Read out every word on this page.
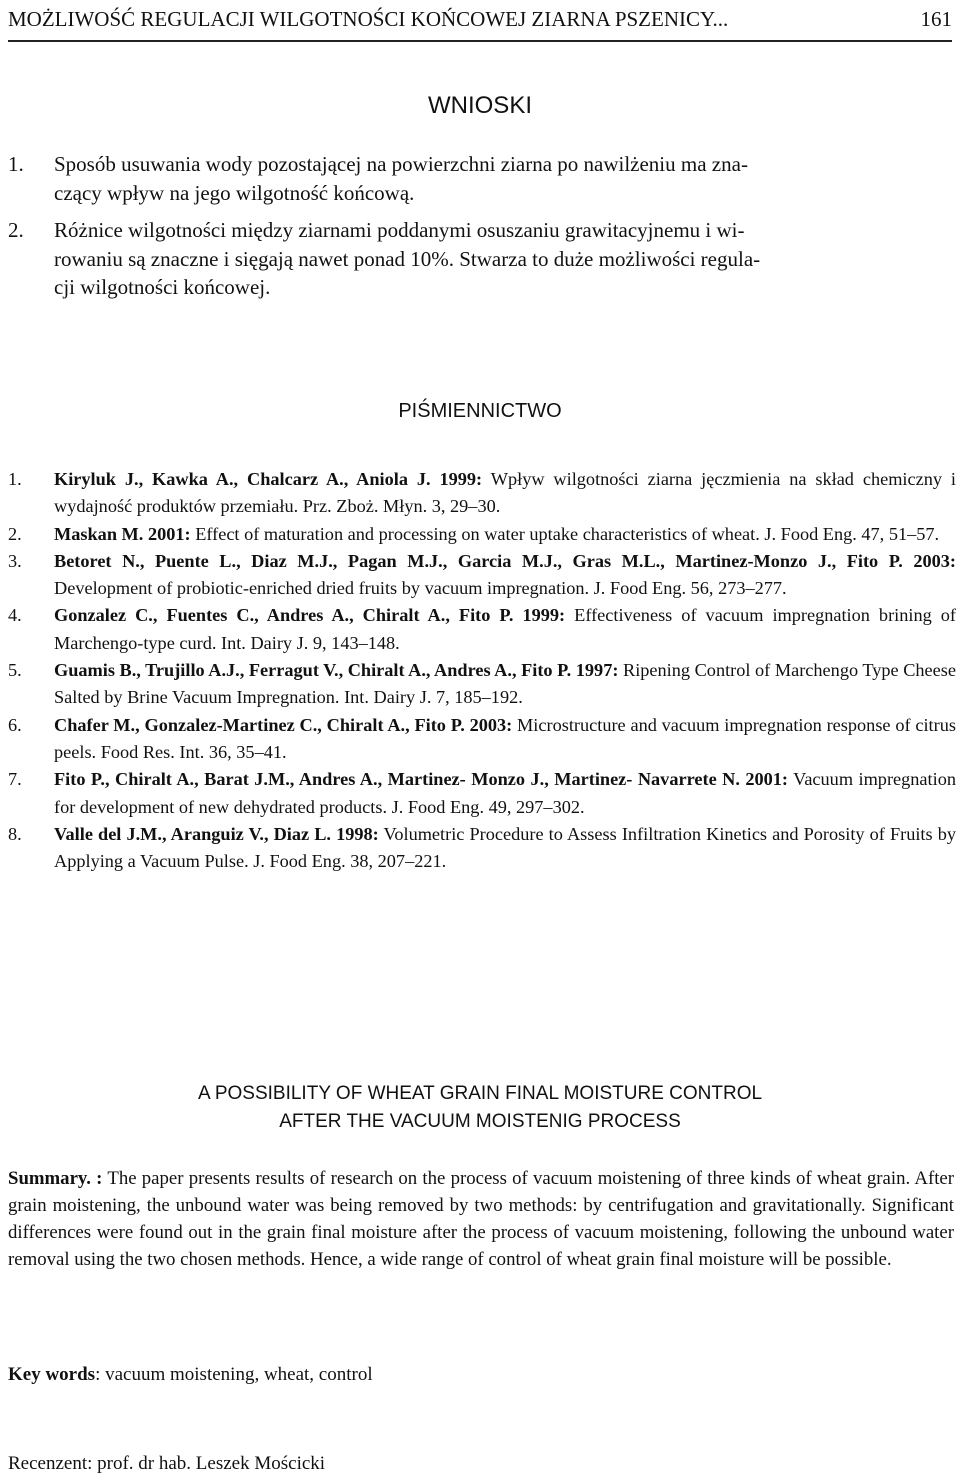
MOŻLIWOŚĆ REGULACJI WILGOTNOŚCI KOŃCOWEJ ZIARNA PSZENICY...	161
WNIOSKI
1. Sposób usuwania wody pozostającej na powierzchni ziarna po nawilżeniu ma zna-
czący wpływ na jego wilgotność końcową.
2. Różnice wilgotności między ziarnami poddanymi osuszaniu grawitacyjnemu i wi-
rowaniu są znaczne i sięgają nawet ponad 10%. Stwarza to duże możliwości regula-
cji wilgotności końcowej.
PIŚMIENNICTWO
1. Kiryluk J., Kawka A., Chalcarz A., Aniola J. 1999: Wpływ wilgotności ziarna jęczmienia na skład chemiczny i wydajność produktów przemiału. Prz. Zboż. Młyn. 3, 29–30.
2. Maskan M. 2001: Effect of maturation and processing on water uptake characteristics of wheat. J. Food Eng. 47, 51–57.
3. Betoret N., Puente L., Diaz M.J., Pagan M.J., Garcia M.J., Gras M.L., Martinez-Monzo J., Fito P. 2003: Development of probiotic-enriched dried fruits by vacuum impregnation. J. Food Eng. 56, 273–277.
4. Gonzalez C., Fuentes C., Andres A., Chiralt A., Fito P. 1999: Effectiveness of vacuum impregnation brining of Marchengo-type curd. Int. Dairy J. 9, 143–148.
5. Guamis B., Trujillo A.J., Ferragut V., Chiralt A., Andres A., Fito P. 1997: Ripening Control of Marchengo Type Cheese Salted by Brine Vacuum Impregnation. Int. Dairy J. 7, 185–192.
6. Chafer M., Gonzalez-Martinez C., Chiralt A., Fito P. 2003: Microstructure and vacuum impregnation response of citrus peels. Food Res. Int. 36, 35–41.
7. Fito P., Chiralt A., Barat J.M., Andres A., Martinez- Monzo J., Martinez- Navarrete N. 2001: Vacuum impregnation for development of new dehydrated products. J. Food Eng. 49, 297–302.
8. Valle del J.M., Aranguiz V., Diaz L. 1998: Volumetric Procedure to Assess Infiltration Kinetics and Porosity of Fruits by Applying a Vacuum Pulse. J. Food Eng. 38, 207–221.
A POSSIBILITY OF WHEAT GRAIN FINAL MOISTURE CONTROL
AFTER THE VACUUM MOISTENIG PROCESS
Summary. : The paper presents results of research on the process of vacuum moistening of three kinds of wheat grain. After grain moistening, the unbound water was being removed by two methods: by centrifugation and gravitationally. Significant differences were found out in the grain final moisture after the process of vacuum moistening, following the unbound water removal using the two chosen methods. Hence, a wide range of control of wheat grain final moisture will be possible.
Key words: vacuum moistening, wheat, control
Recenzent: prof. dr hab. Leszek Mościcki
